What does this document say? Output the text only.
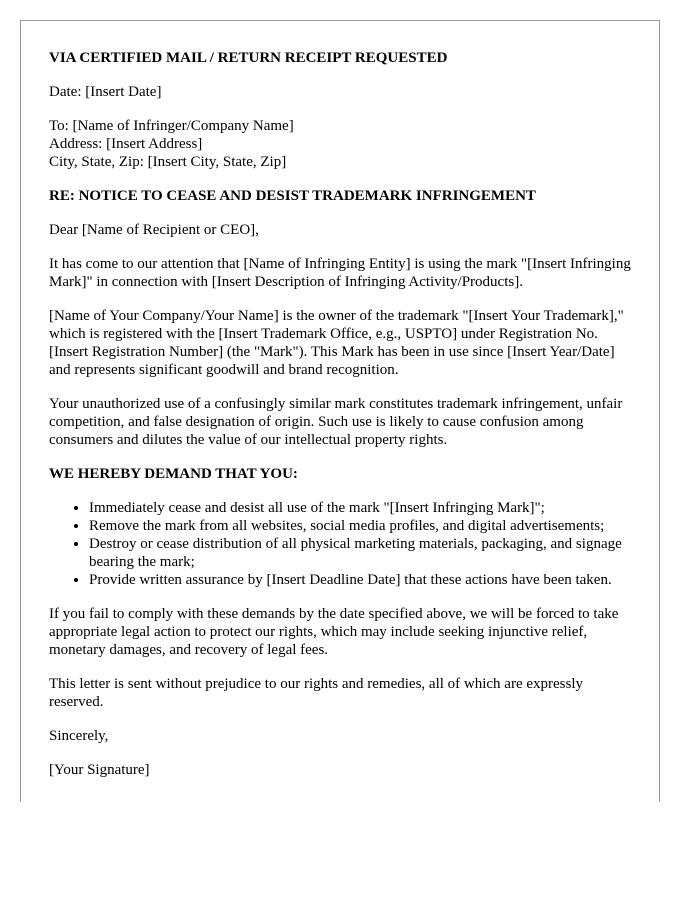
VIA CERTIFIED MAIL / RETURN RECEIPT REQUESTED

Date: [Insert Date]

To: [Name of Infringer/Company Name]
Address: [Insert Address]
City, State, Zip: [Insert City, State, Zip]

RE: NOTICE TO CEASE AND DESIST TRADEMARK INFRINGEMENT

Dear [Name of Recipient or CEO],

It has come to our attention that [Name of Infringing Entity] is using the mark "[Insert Infringing Mark]" in connection with [Insert Description of Infringing Activity/Products].

[Name of Your Company/Your Name] is the owner of the trademark "[Insert Your Trademark]," which is registered with the [Insert Trademark Office, e.g., USPTO] under Registration No. [Insert Registration Number] (the "Mark"). This Mark has been in use since [Insert Year/Date] and represents significant goodwill and brand recognition.

Your unauthorized use of a confusingly similar mark constitutes trademark infringement, unfair competition, and false designation of origin. Such use is likely to cause confusion among consumers and dilutes the value of our intellectual property rights.

WE HEREBY DEMAND THAT YOU:

• Immediately cease and desist all use of the mark "[Insert Infringing Mark]";
• Remove the mark from all websites, social media profiles, and digital advertisements;
• Destroy or cease distribution of all physical marketing materials, packaging, and signage bearing the mark;
• Provide written assurance by [Insert Deadline Date] that these actions have been taken.

If you fail to comply with these demands by the date specified above, we will be forced to take appropriate legal action to protect our rights, which may include seeking injunctive relief, monetary damages, and recovery of legal fees.

This letter is sent without prejudice to our rights and remedies, all of which are expressly reserved.

Sincerely,

[Your Signature]
